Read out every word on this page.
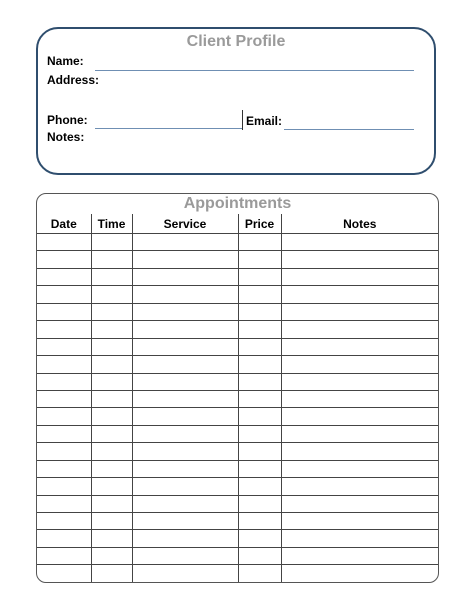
Client Profile
Name:
Address:
Phone:	Email:
Notes:
Appointments
Date	Time	Service	Price	Notes
